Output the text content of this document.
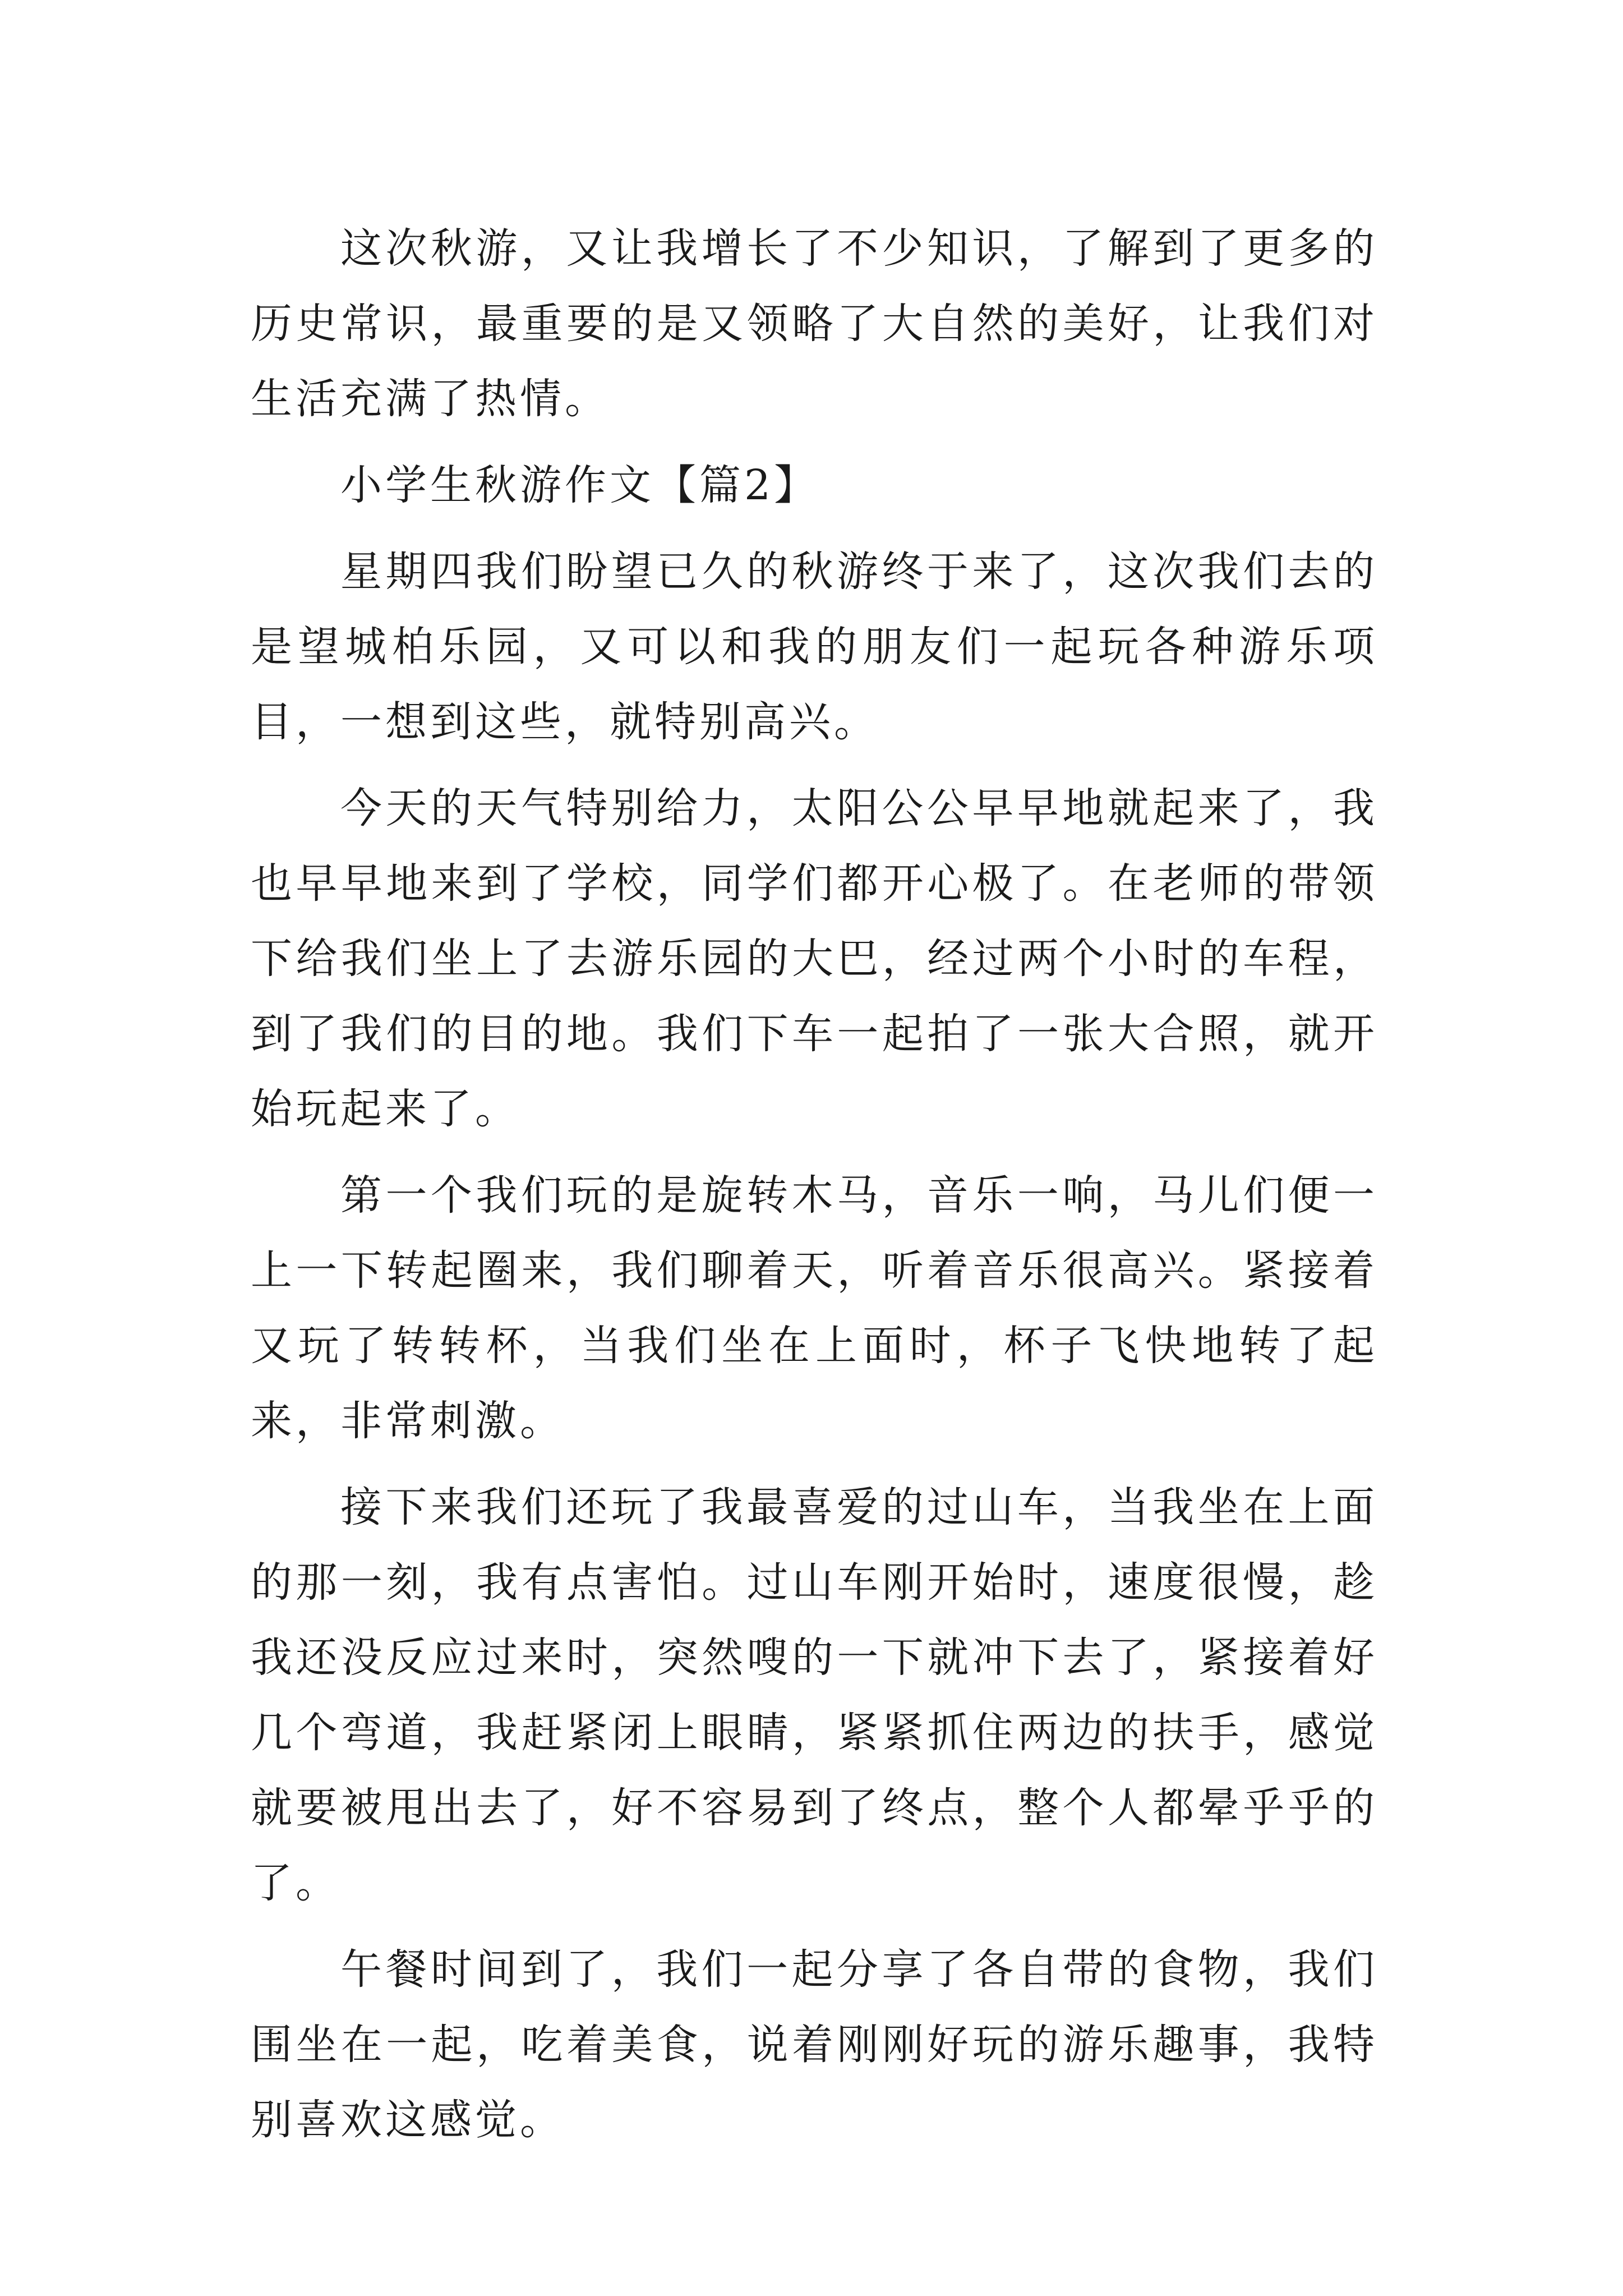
这次秋游，又让我增长了不少知识，了解到了更多的历史常识，最重要的是又领略了大自然的美好，让我们对生活充满了热情。

小学生秋游作文【篇2】

星期四我们盼望已久的秋游终于来了，这次我们去的是望城柏乐园，又可以和我的朋友们一起玩各种游乐项目，一想到这些，就特别高兴。

今天的天气特别给力，太阳公公早早地就起来了，我也早早地来到了学校，同学们都开心极了。在老师的带领下给我们坐上了去游乐园的大巴，经过两个小时的车程，到了我们的目的地。我们下车一起拍了一张大合照，就开始玩起来了。

第一个我们玩的是旋转木马，音乐一响，马儿们便一上一下转起圈来，我们聊着天，听着音乐很高兴。紧接着又玩了转转杯，当我们坐在上面时，杯子飞快地转了起来，非常刺激。

接下来我们还玩了我最喜爱的过山车，当我坐在上面的那一刻，我有点害怕。过山车刚开始时，速度很慢，趁我还没反应过来时，突然嗖的一下就冲下去了，紧接着好几个弯道，我赶紧闭上眼睛，紧紧抓住两边的扶手，感觉就要被甩出去了，好不容易到了终点，整个人都晕乎乎的了。

午餐时间到了，我们一起分享了各自带的食物，我们围坐在一起，吃着美食，说着刚刚好玩的游乐趣事，我特别喜欢这感觉。
